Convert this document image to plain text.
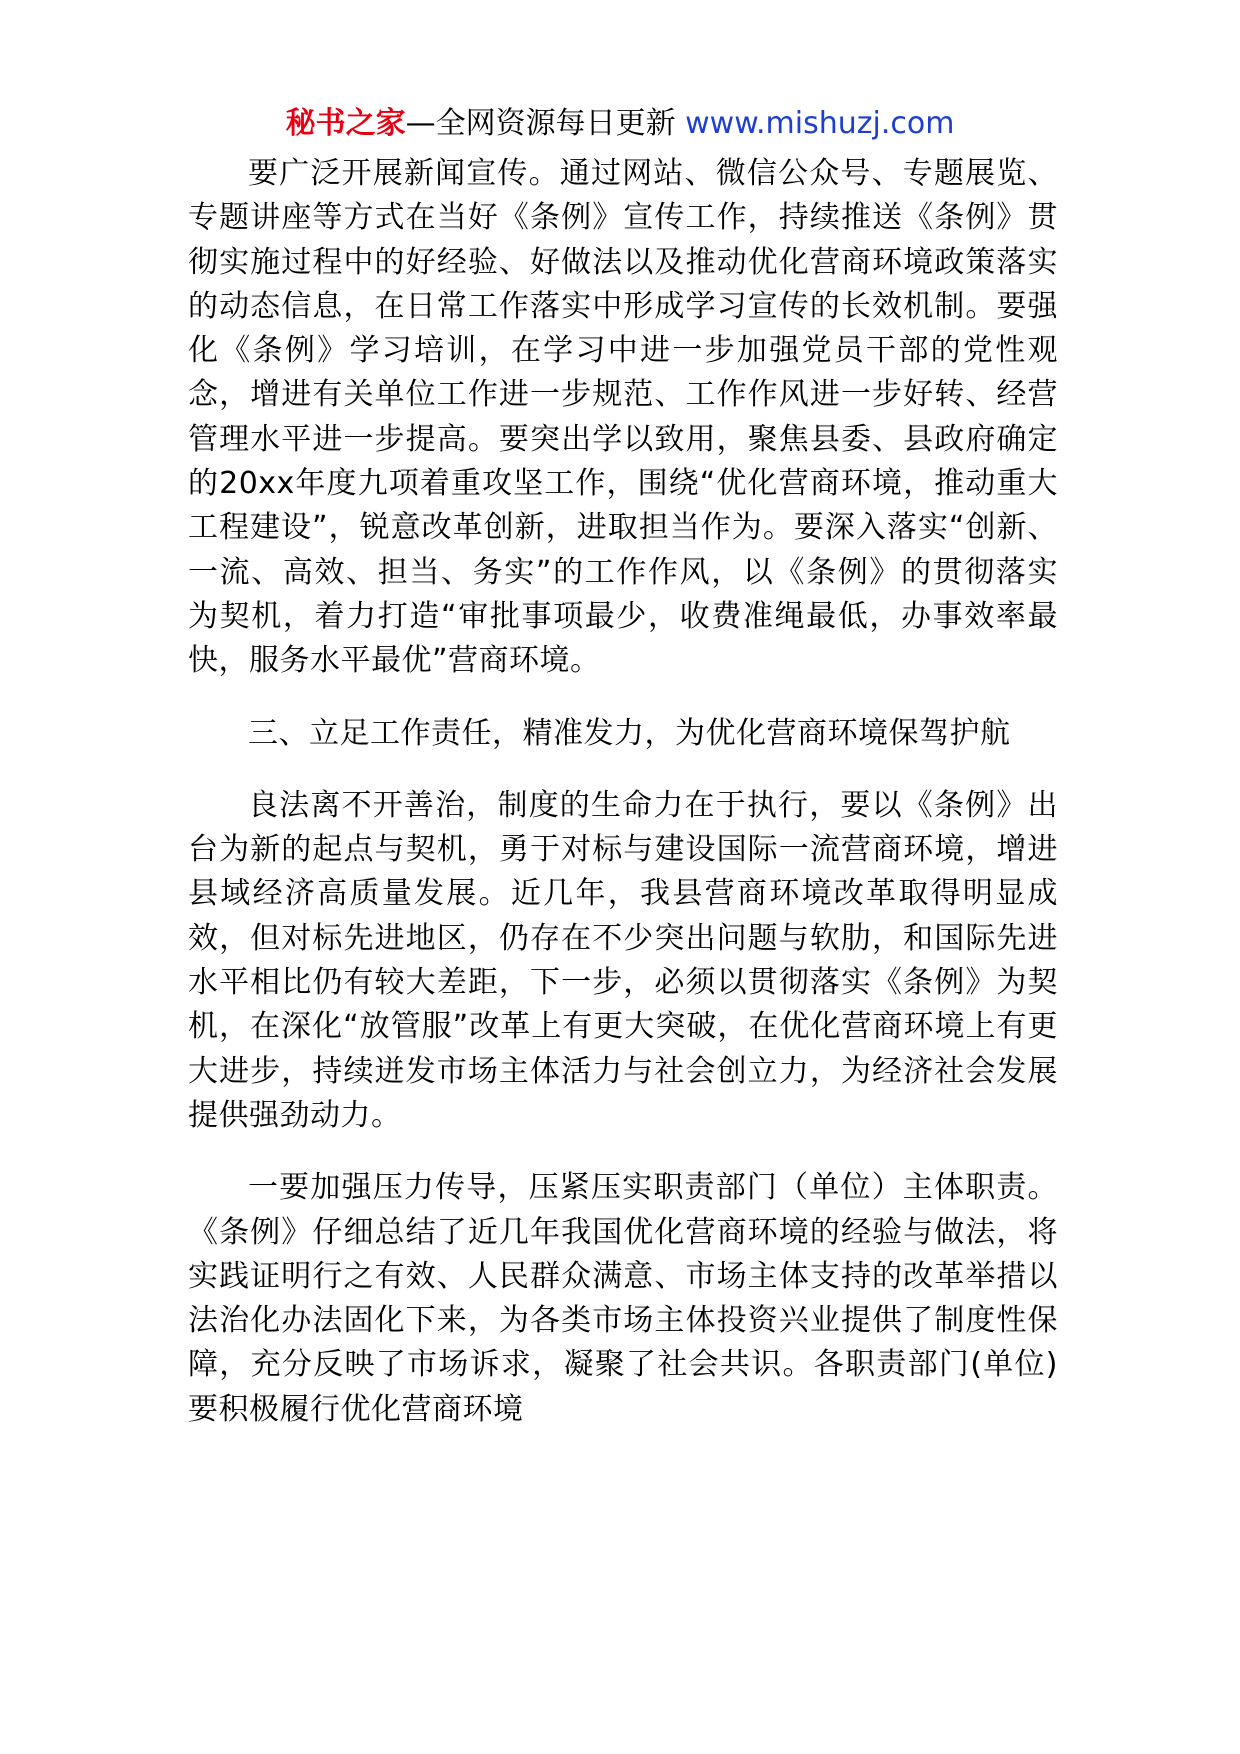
秘书之家—全网资源每日更新 www.mishuzj.com

要广泛开展新闻宣传。通过网站、微信公众号、专题展览、专题讲座等方式在当好《条例》宣传工作，持续推送《条例》贯彻实施过程中的好经验、好做法以及推动优化营商环境政策落实的动态信息，在日常工作落实中形成学习宣传的长效机制。要强化《条例》学习培训，在学习中进一步加强党员干部的党性观念，增进有关单位工作进一步规范、工作作风进一步好转、经营管理水平进一步提高。要突出学以致用，聚焦县委、县政府确定的20xx年度九项着重攻坚工作，围绕“优化营商环境，推动重大工程建设”，锐意改革创新，进取担当作为。要深入落实“创新、一流、高效、担当、务实”的工作作风，以《条例》的贯彻落实为契机，着力打造“审批事项最少，收费准绳最低，办事效率最快，服务水平最优”营商环境。

三、立足工作责任，精准发力，为优化营商环境保驾护航

良法离不开善治，制度的生命力在于执行，要以《条例》出台为新的起点与契机，勇于对标与建设国际一流营商环境，增进县域经济高质量发展。近几年，我县营商环境改革取得明显成效，但对标先进地区，仍存在不少突出问题与软肋，和国际先进水平相比仍有较大差距，下一步，必须以贯彻落实《条例》为契机，在深化“放管服”改革上有更大突破，在优化营商环境上有更大进步，持续迸发市场主体活力与社会创立力，为经济社会发展提供强劲动力。

一要加强压力传导，压紧压实职责部门（单位）主体职责。《条例》仔细总结了近几年我国优化营商环境的经验与做法，将实践证明行之有效、人民群众满意、市场主体支持的改革举措以法治化办法固化下来，为各类市场主体投资兴业提供了制度性保障，充分反映了市场诉求，凝聚了社会共识。各职责部门(单位)要积极履行优化营商环境
